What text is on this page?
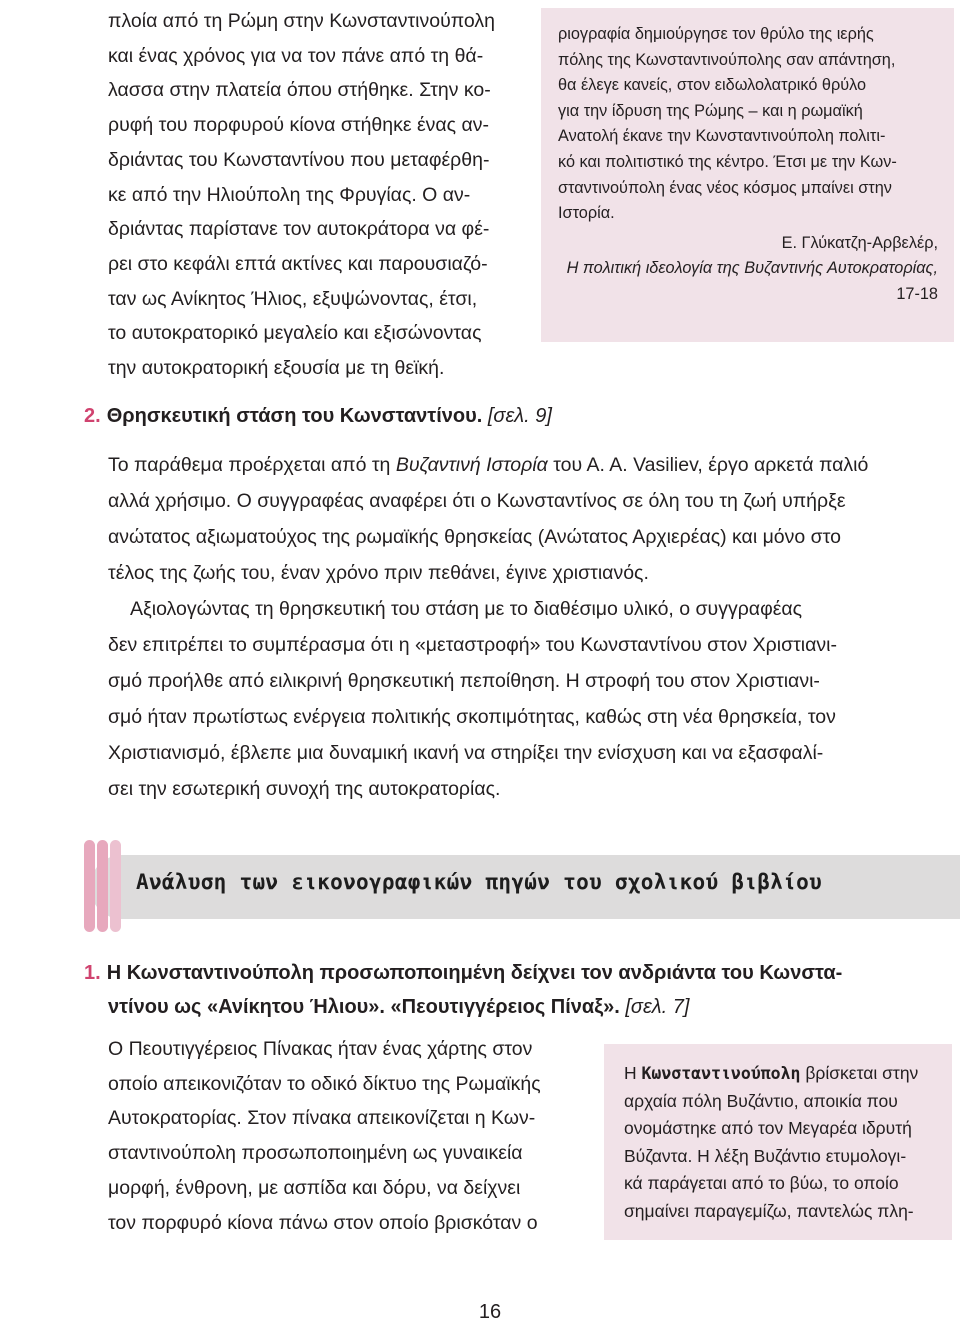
πλοία από τη Ρώμη στην Κωνσταντινούπολη
και ένας χρόνος για να τον πάνε από τη θά-
λασσα στην πλατεία όπου στήθηκε. Στην κο-
ρυφή του πορφυρού κίονα στήθηκε ένας αν-
δριάντας του Κωνσταντίνου που μεταφέρθη-
κε από την Ηλιούπολη της Φρυγίας. Ο αν-
δριάντας παρίστανε τον αυτοκράτορα να φέ-
ρει στο κεφάλι επτά ακτίνες και παρουσιαζό-
ταν ως Ανίκητος Ήλιος, εξυψώνοντας, έτσι,
το αυτοκρατορικό μεγαλείο και εξισώνοντας
την αυτοκρατορική εξουσία με τη θεϊκή.
ριογραφία δημιούργησε τον θρύλο της ιερής
πόλης της Κωνσταντινούπολης σαν απάντηση,
θα έλεγε κανείς, στον ειδωλολατρικό θρύλο
για την ίδρυση της Ρώμης – και η ρωμαϊκή
Ανατολή έκανε την Κωνσταντινούπολη πολιτι-
κό και πολιτιστικό της κέντρο. Έτσι με την Κων-
σταντινούπολη ένας νέος κόσμος μπαίνει στην
Ιστορία.
Ε. Γλύκατζη-Αρβελέρ,
Η πολιτική ιδεολογία της Βυζαντινής Αυτοκρατορίας,
17-18
2. Θρησκευτική στάση του Κωνσταντίνου. [σελ. 9]
Το παράθεμα προέρχεται από τη Βυζαντινή Ιστορία του Α. Α. Vasiliev, έργο αρκετά παλιό
αλλά χρήσιμο. Ο συγγραφέας αναφέρει ότι ο Κωνσταντίνος σε όλη του τη ζωή υπήρξε
ανώτατος αξιωματούχος της ρωμαϊκής θρησκείας (Ανώτατος Αρχιερέας) και μόνο στο
τέλος της ζωής του, έναν χρόνο πριν πεθάνει, έγινε χριστιανός.
Αξιολογώντας τη θρησκευτική του στάση με το διαθέσιμο υλικό, ο συγγραφέας
δεν επιτρέπει το συμπέρασμα ότι η «μεταστροφή» του Κωνσταντίνου στον Χριστιανι-
σμό προήλθε από ειλικρινή θρησκευτική πεποίθηση. Η στροφή του στον Χριστιανι-
σμό ήταν πρωτίστως ενέργεια πολιτικής σκοπιμότητας, καθώς στη νέα θρησκεία, τον
Χριστιανισμό, έβλεπε μια δυναμική ικανή να στηρίξει την ενίσχυση και να εξασφαλί-
σει την εσωτερική συνοχή της αυτοκρατορίας.
Ανάλυση των εικονογραφικών πηγών του σχολικού βιβλίου
1. Η Κωνσταντινούπολη προσωποποιημένη δείχνει τον ανδριάντα του Κωνστα-
ντίνου ως «Ανίκητου Ήλιου». «Πεουτιγγέρειος Πίναξ». [σελ. 7]
Ο Πεουτιγγέρειος Πίνακας ήταν ένας χάρτης στον
οποίο απεικονιζόταν το οδικό δίκτυο της Ρωμαϊκής
Αυτοκρατορίας. Στον πίνακα απεικονίζεται η Κων-
σταντινούπολη προσωποποιημένη ως γυναικεία
μορφή, ένθρονη, με ασπίδα και δόρυ, να δείχνει
τον πορφυρό κίονα πάνω στον οποίο βρισκόταν ο
Η Κωνσταντινούπολη βρίσκεται στην
αρχαία πόλη Βυζάντιο, αποικία που
ονομάστηκε από τον Μεγαρέα ιδρυτή
Βύζαντα. Η λέξη Βυζάντιο ετυμολογι-
κά παράγεται από το βύω, το οποίο
σημαίνει παραγεμίζω, παντελώς πλη-
16
